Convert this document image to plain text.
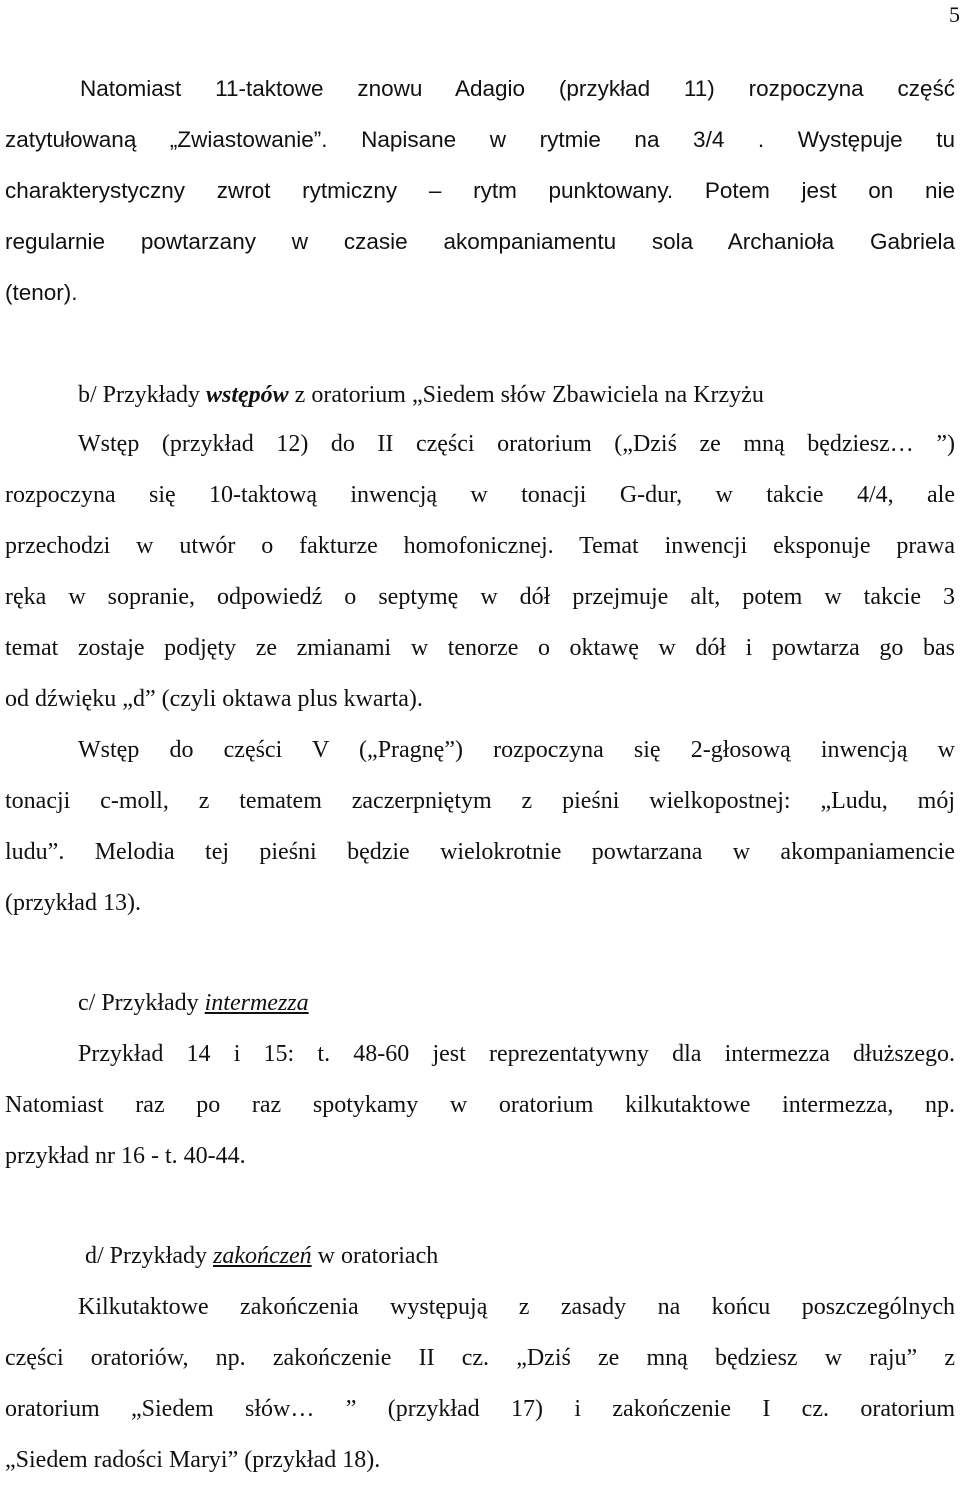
5
Natomiast 11-taktowe znowu Adagio (przykład 11) rozpoczyna część
zatytułowaną „Zwiastowanie”. Napisane w rytmie na 3/4 . Występuje tu
charakterystyczny zwrot rytmiczny – rytm punktowany. Potem jest on nie
regularnie powtarzany w czasie akompaniamentu sola Archanioła Gabriela
(tenor).
b/ Przykłady wstępów z oratorium „Siedem słów Zbawiciela na Krzyżu
Wstęp (przykład 12) do II części oratorium („Dziś ze mną będziesz… ”)
rozpoczyna się 10-taktową inwencją w tonacji G-dur, w takcie 4/4, ale
przechodzi w utwór o fakturze homofonicznej. Temat inwencji eksponuje prawa
ręka w sopranie, odpowiedź o septymę w dół przejmuje alt, potem w takcie 3
temat zostaje podjęty ze zmianami w tenorze o oktawę w dół i powtarza go bas
od dźwięku „d” (czyli oktawa plus kwarta).
Wstęp do części V („Pragnę”) rozpoczyna się 2-głosową inwencją w
tonacji c-moll, z tematem zaczerpniętym z pieśni wielkopostnej: „Ludu, mój
ludu”. Melodia tej pieśni będzie wielokrotnie powtarzana w akompaniamencie
(przykład 13).
c/ Przykłady intermezza
Przykład 14 i 15: t. 48-60 jest reprezentatywny dla intermezza dłuższego.
Natomiast raz po raz spotykamy w oratorium kilkutaktowe intermezza, np.
przykład nr 16 - t. 40-44.
d/ Przykłady zakończeń w oratoriach
Kilkutaktowe zakończenia występują z zasady na końcu poszczególnych
części oratoriów, np. zakończenie II cz. „Dziś ze mną będziesz w raju” z
oratorium „Siedem słów… ” (przykład 17) i zakończenie I cz. oratorium
„Siedem radości Maryi” (przykład 18).
